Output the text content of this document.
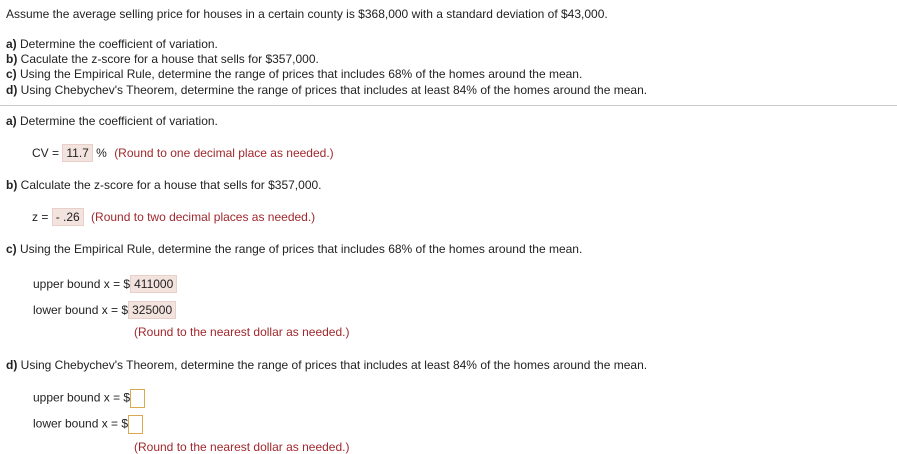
Assume the average selling price for houses in a certain county is $368,000 with a standard deviation of $43,000.
a) Determine the coefficient of variation.
b) Caculate the z-score for a house that sells for $357,000.
c) Using the Empirical Rule, determine the range of prices that includes 68% of the homes around the mean.
d) Using Chebychev's Theorem, determine the range of prices that includes at least 84% of the homes around the mean.
a) Determine the coefficient of variation.
CV = 11.7 % (Round to one decimal place as needed.)
b) Calculate the z-score for a house that sells for $357,000.
z = - .26 (Round to two decimal places as needed.)
c) Using the Empirical Rule, determine the range of prices that includes 68% of the homes around the mean.
upper bound x = $ 411000
lower bound x = $ 325000
(Round to the nearest dollar as needed.)
d) Using Chebychev's Theorem, determine the range of prices that includes at least 84% of the homes around the mean.
upper bound x = $
lower bound x = $
(Round to the nearest dollar as needed.)
